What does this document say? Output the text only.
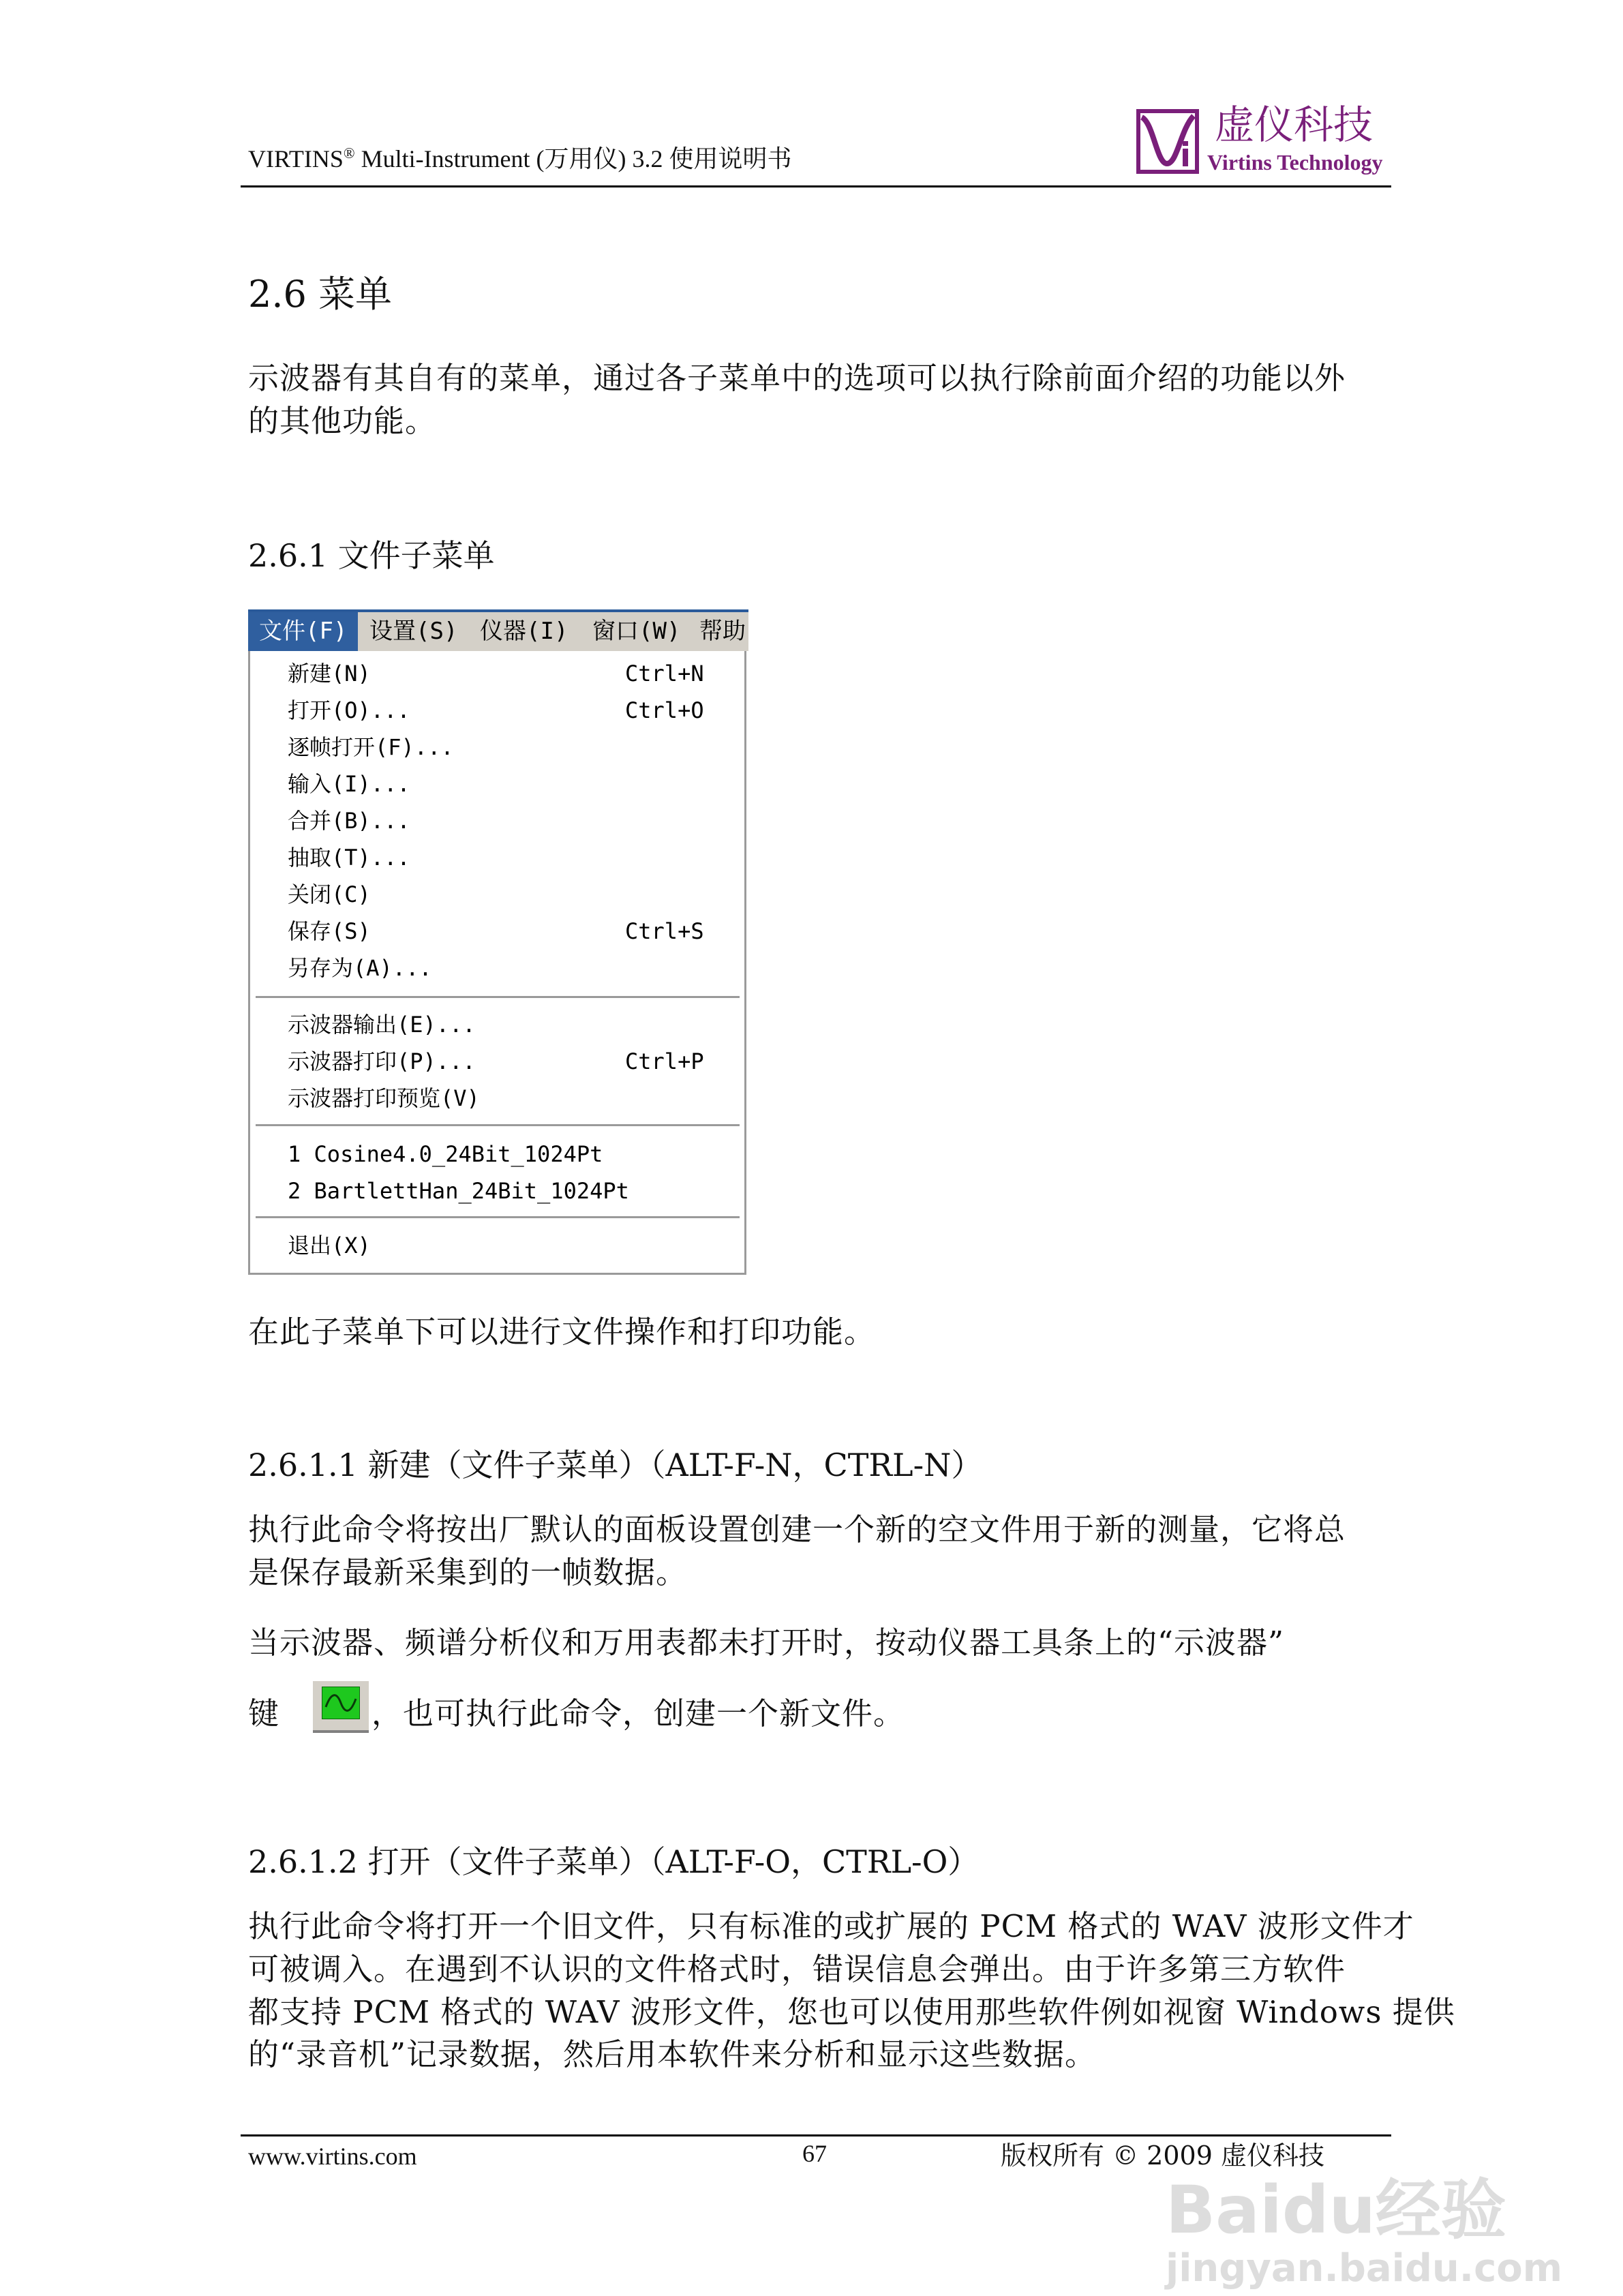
VIRTINS® Multi-Instrument (万用仪) 3.2 使用说明书
虚仪科技
Virtins Technology
2.6 菜单
示波器有其自有的菜单，通过各子菜单中的选项可以执行除前面介绍的功能以外
的其他功能。
2.6.1 文件子菜单
文件(F) 设置(S) 仪器(I) 窗口(W) 帮助
新建(N)	Ctrl+N
打开(O)...	Ctrl+O
逐帧打开(F)...
输入(I)...
合并(B)...
抽取(T)...
关闭(C)
保存(S)	Ctrl+S
另存为(A)...
示波器输出(E)...
示波器打印(P)...	Ctrl+P
示波器打印预览(V)
1 Cosine4.0_24Bit_1024Pt
2 BartlettHan_24Bit_1024Pt
退出(X)
在此子菜单下可以进行文件操作和打印功能。
2.6.1.1 新建（文件子菜单）（ALT-F-N，CTRL-N）
执行此命令将按出厂默认的面板设置创建一个新的空文件用于新的测量，它将总
是保存最新采集到的一帧数据。
当示波器、频谱分析仪和万用表都未打开时，按动仪器工具条上的“示波器”
键	，也可执行此命令，创建一个新文件。
2.6.1.2 打开（文件子菜单）（ALT-F-O，CTRL-O）
执行此命令将打开一个旧文件，只有标准的或扩展的 PCM 格式的 WAV 波形文件才
可被调入。在遇到不认识的文件格式时，错误信息会弹出。由于许多第三方软件
都支持 PCM 格式的 WAV 波形文件，您也可以使用那些软件例如视窗 Windows 提供
的“录音机”记录数据，然后用本软件来分析和显示这些数据。
www.virtins.com	67	版权所有 © 2009 虚仪科技
Baidu经验
jingyan.baidu.com
